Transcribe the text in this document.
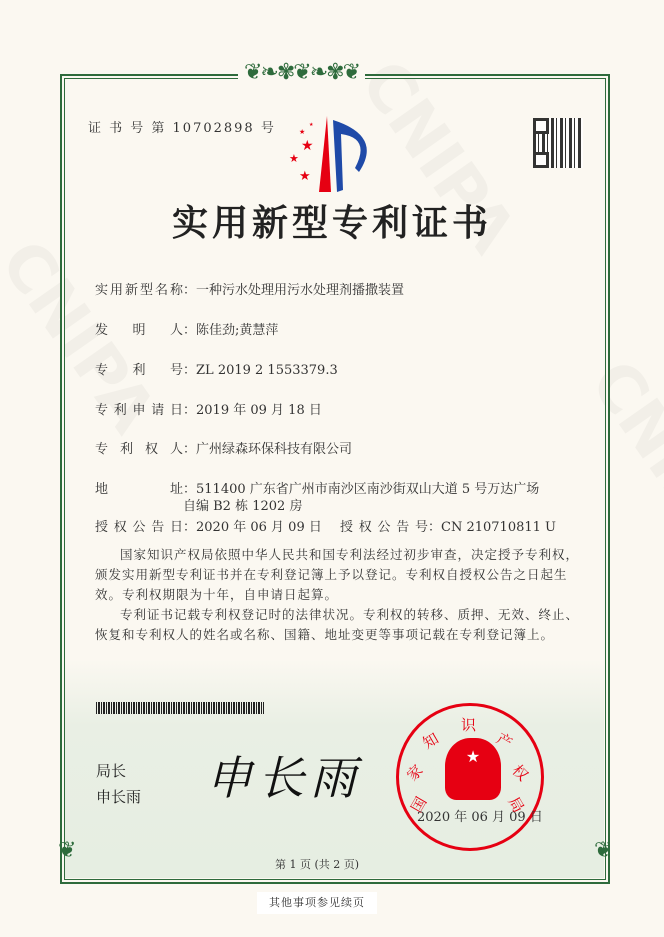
❦❧✾❦❧✾❦
❦	❦
证 书 号 第 10702898 号
★
★
★
★
★
实用新型专利证书
实用新型名称：一种污水处理用污水处理剂播撒装置
发明人：陈佳劲;黄慧萍
专利号：ZL 2019 2 1553379.3
专利申请日：2019 年 09 月 18 日
专利权人：广州绿森环保科技有限公司
地址：511400 广东省广州市南沙区南沙街双山大道 5 号万达广场
自编 B2 栋 1202 房
授权公告日：2020 年 06 月 09 日 授权公告号：CN 210710811 U

国家知识产权局依照中华人民共和国专利法经过初步审查，决定授予专利权，颁发实用新型专利证书并在专利登记簿上予以登记。专利权自授权公告之日起生效。专利权期限为十年，自申请日起算。

专利证书记载专利权登记时的法律状况。专利权的转移、质押、无效、终止、恢复和专利权人的姓名或名称、国籍、地址变更等事项记载在专利登记簿上。

局长
申长雨 申长雨	★
国
家
知
识
产
权
局
2020 年 06 月 09 日
第 1 页 (共 2 页)
其他事项参见续页
